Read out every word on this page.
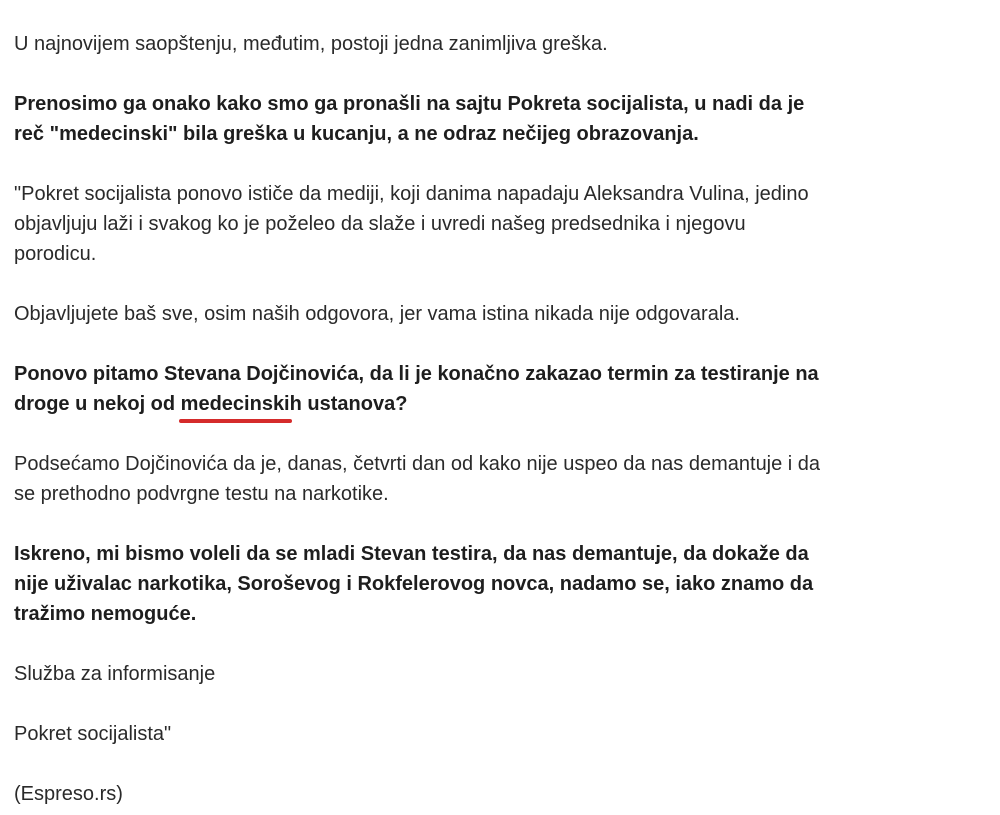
U najnovijem saopštenju, međutim, postoji jedna zanimljiva greška.

Prenosimo ga onako kako smo ga pronašli na sajtu Pokreta socijalista, u nadi da je
reč "medecinski" bila greška u kucanju, a ne odraz nečijeg obrazovanja.

"Pokret socijalista ponovo ističe da mediji, koji danima napadaju Aleksandra Vulina, jedino
objavljuju laži i svakog ko je poželeo da slaže i uvredi našeg predsednika i njegovu
porodicu.

Objavljujete baš sve, osim naših odgovora, jer vama istina nikada nije odgovarala.

Ponovo pitamo Stevana Dojčinovića, da li je konačno zakazao termin za testiranje na
droge u nekoj od medecinskih ustanova?

Podsećamo Dojčinovića da je, danas, četvrti dan od kako nije uspeo da nas demantuje i da
se prethodno podvrgne testu na narkotike.

Iskreno, mi bismo voleli da se mladi Stevan testira, da nas demantuje, da dokaže da
nije uživalac narkotika, Soroševog i Rokfelerovog novca, nadamo se, iako znamo da
tražimo nemoguće.

Služba za informisanje

Pokret socijalista"

(Espreso.rs)
